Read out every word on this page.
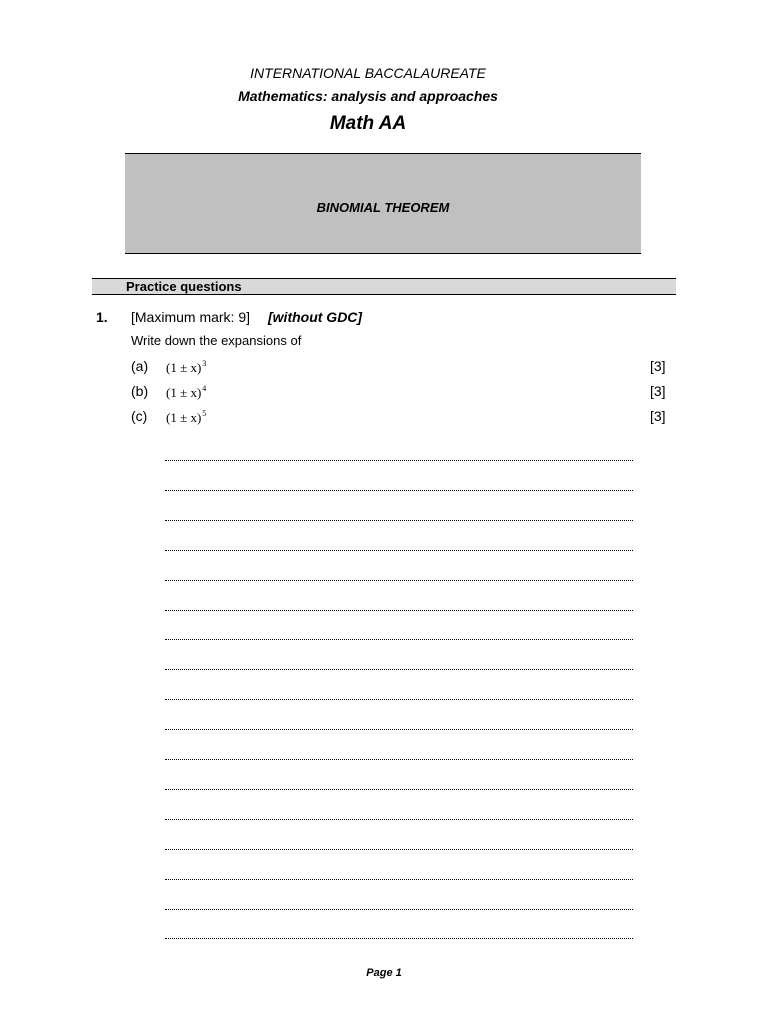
INTERNATIONAL BACCALAUREATE
Mathematics: analysis and approaches
Math AA
BINOMIAL THEOREM
Practice questions
1. [Maximum mark: 9] [without GDC]
Write down the expansions of
(a) $(1 \pm x)^3$	[3]
(b) $(1 \pm x)^4$	[3]
(c) $(1 \pm x)^5$	[3]
Page 1
